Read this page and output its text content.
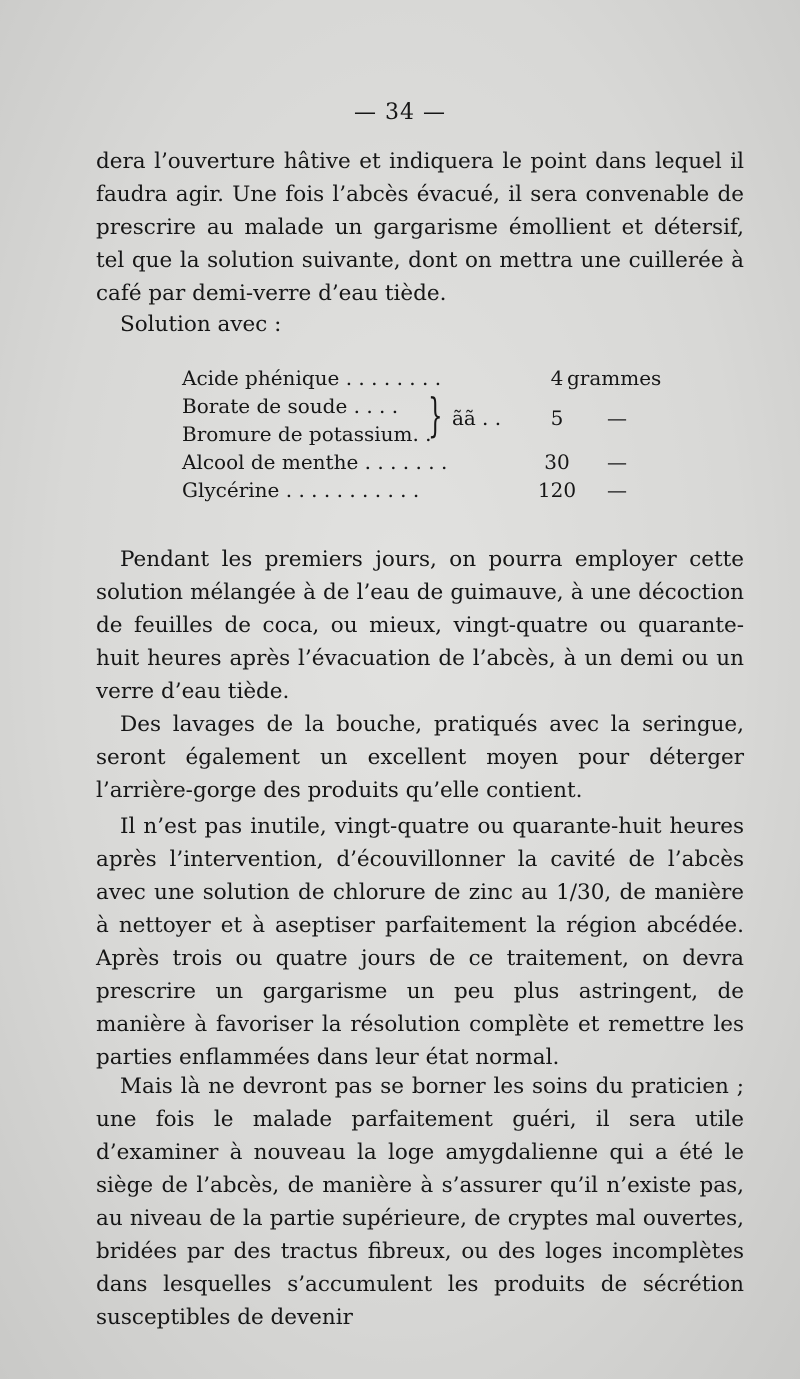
— 34 —

dera l’ouverture hâtive et indiquera le point dans lequel il faudra agir. Une fois l’abcès évacué, il sera convenable de prescrire au malade un gargarisme émollient et détersif, tel que la solution suivante, dont on mettra une cuillerée à café par demi-verre d’eau tiède.

Solution avec :
Acide phénique . . . . . . . .	4 grammes
Borate de soude . . . .
Bromure de potassium. .
} ãã . .	5	—
Alcool de menthe . . . . . . .	30	—
Glycérine . . . . . . . . . . .	120 —

Pendant les premiers jours, on pourra employer cette solution mélangée à de l’eau de guimauve, à une décoction de feuilles de coca, ou mieux, vingt-quatre ou quarante-huit heures après l’évacuation de l’abcès, à un demi ou un verre d’eau tiède.

Des lavages de la bouche, pratiqués avec la seringue, seront également un excellent moyen pour déterger l’arrière-gorge des produits qu’elle contient.

Il n’est pas inutile, vingt-quatre ou quarante-huit heures après l’intervention, d’écouvillonner la cavité de l’abcès avec une solution de chlorure de zinc au 1/30, de manière à nettoyer et à aseptiser parfaitement la région abcédée. Après trois ou quatre jours de ce traitement, on devra prescrire un gargarisme un peu plus astringent, de manière à favoriser la résolution complète et remettre les parties enflammées dans leur état normal.

Mais là ne devront pas se borner les soins du praticien ; une fois le malade parfaitement guéri, il sera utile d’examiner à nouveau la loge amygdalienne qui a été le siège de l’abcès, de manière à s’assurer qu’il n’existe pas, au niveau de la partie supérieure, de cryptes mal ouvertes, bridées par des tractus fibreux, ou des loges incomplètes dans lesquelles s’accumulent les produits de sécrétion susceptibles de devenir
